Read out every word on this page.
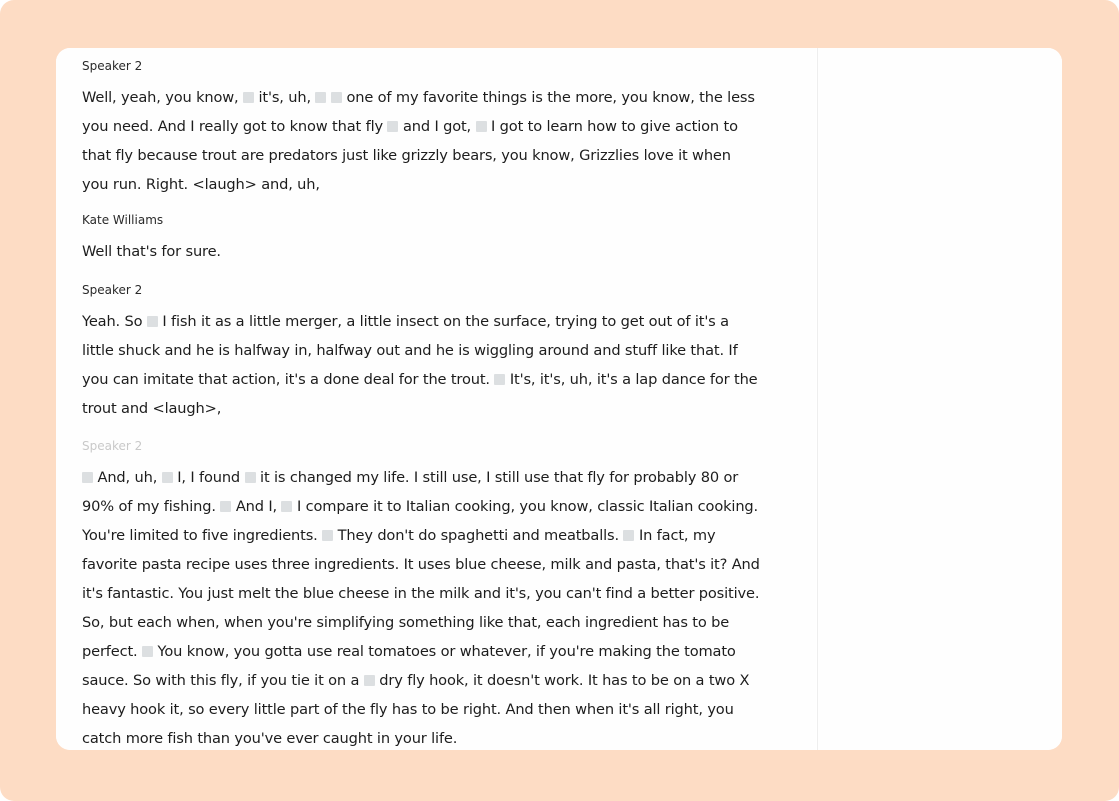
Speaker 2
Well, yeah, you know,  it's, uh,   one of my favorite things is the more, you know, the less
you need. And I really got to know that fly  and I got,  I got to learn how to give action to
that fly because trout are predators just like grizzly bears, you know, Grizzlies love it when
you run. Right. <laugh> and, uh,
Kate Williams
Well that's for sure.
Speaker 2
Yeah. So  I fish it as a little merger, a little insect on the surface, trying to get out of it's a
little shuck and he is halfway in, halfway out and he is wiggling around and stuff like that. If
you can imitate that action, it's a done deal for the trout.  It's, it's, uh, it's a lap dance for the
trout and <laugh>,
Speaker 2
And, uh,  I, I found  it is changed my life. I still use, I still use that fly for probably 80 or
90% of my fishing.  And I,  I compare it to Italian cooking, you know, classic Italian cooking.
You're limited to five ingredients.  They don't do spaghetti and meatballs.  In fact, my
favorite pasta recipe uses three ingredients. It uses blue cheese, milk and pasta, that's it? And
it's fantastic. You just melt the blue cheese in the milk and it's, you can't find a better positive.
So, but each when, when you're simplifying something like that, each ingredient has to be
perfect.  You know, you gotta use real tomatoes or whatever, if you're making the tomato
sauce. So with this fly, if you tie it on a  dry fly hook, it doesn't work. It has to be on a two X
heavy hook it, so every little part of the fly has to be right. And then when it's all right, you
catch more fish than you've ever caught in your life.
